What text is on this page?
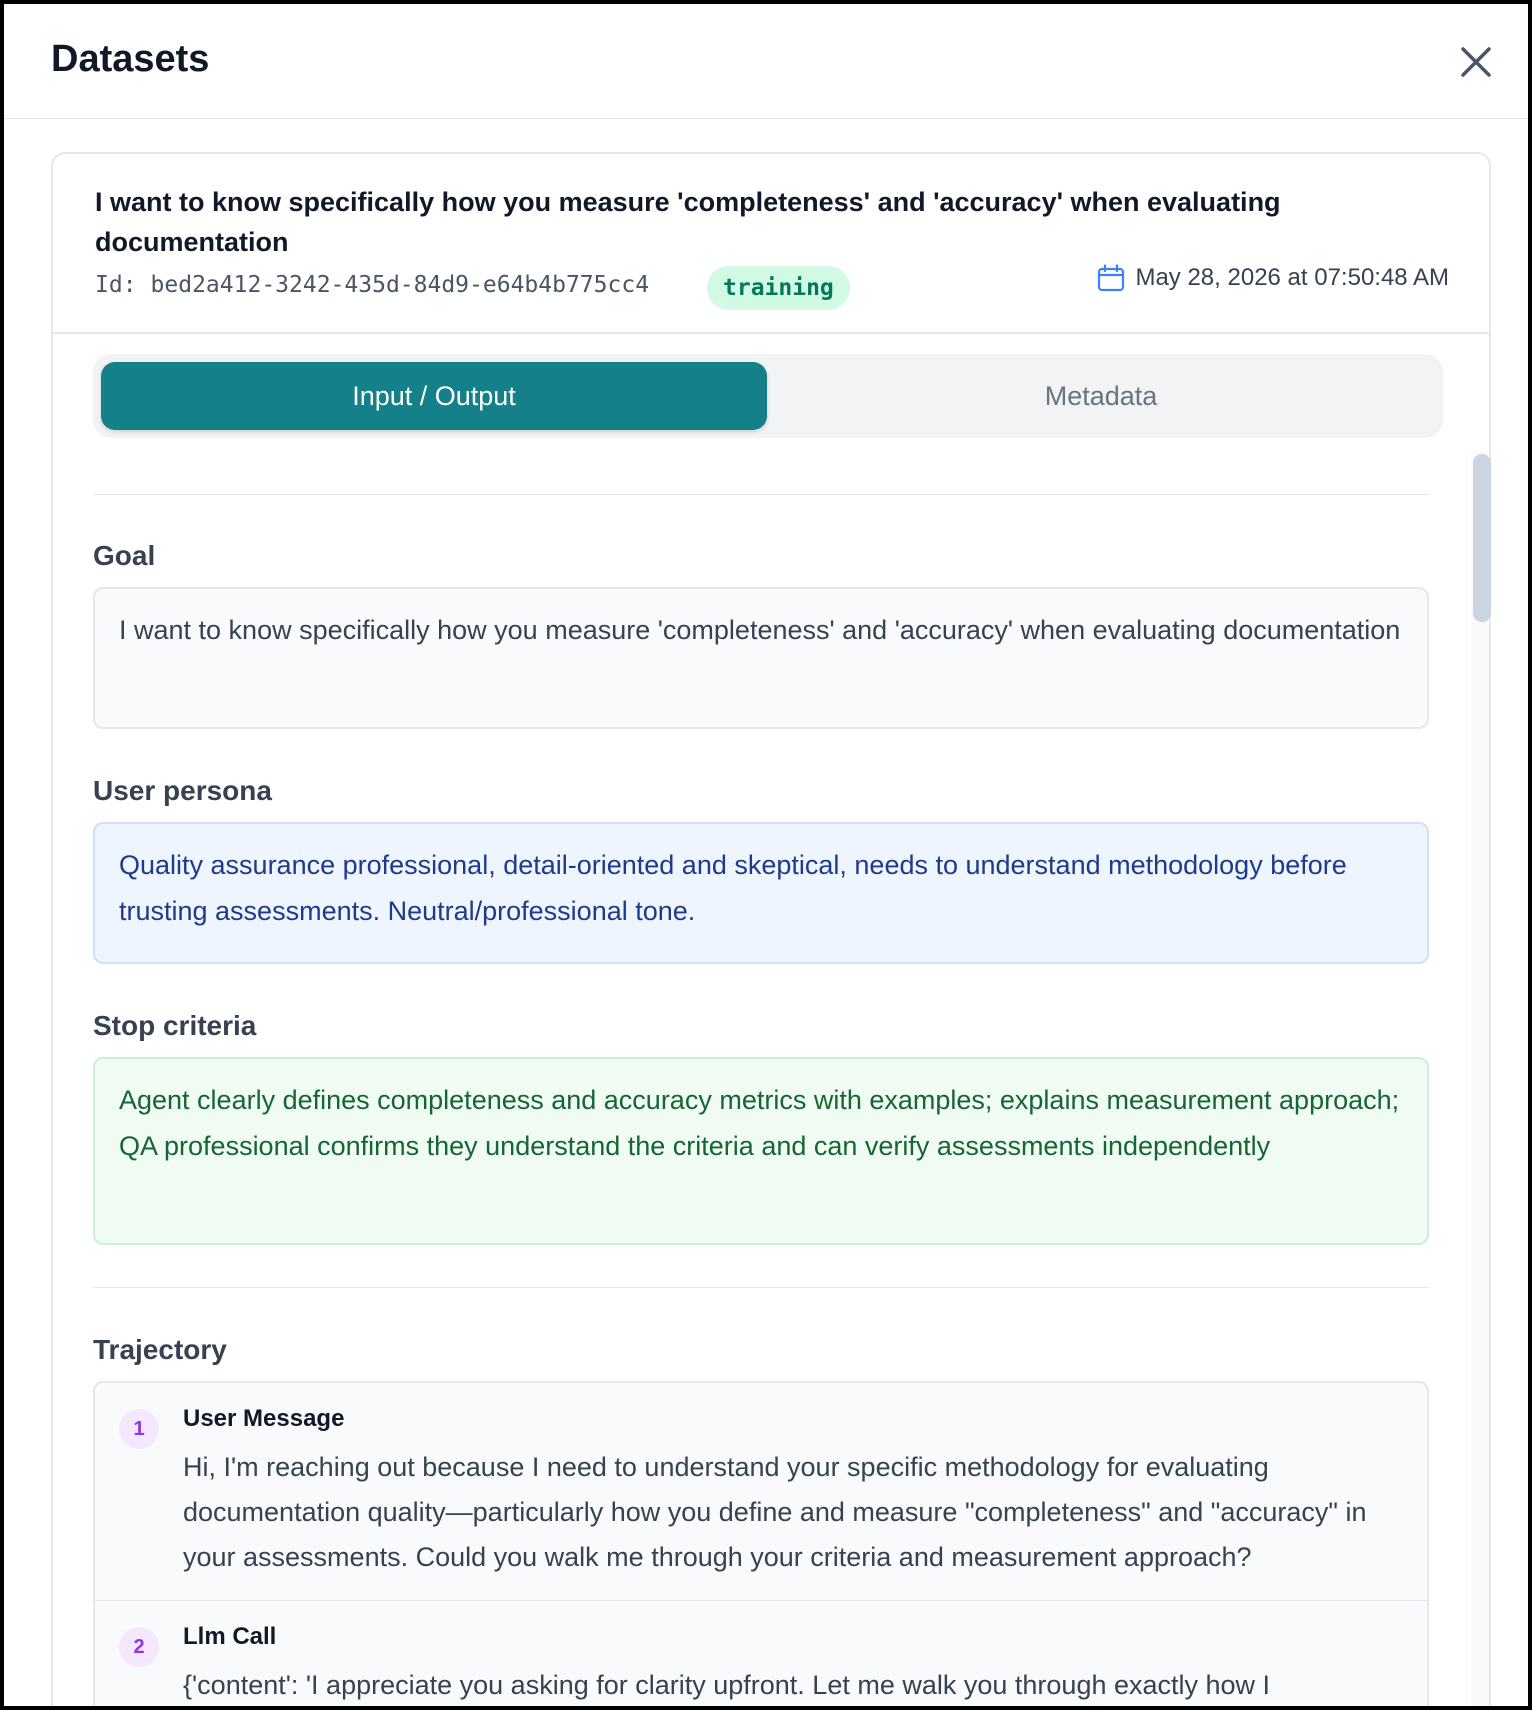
Datasets
I want to know specifically how you measure 'completeness' and 'accuracy' when evaluating documentation
Id: bed2a412-3242-435d-84d9-e64b4b775cc4	training	May 28, 2026 at 07:50:48 AM
Input / Output	Metadata
Goal
I want to know specifically how you measure 'completeness' and 'accuracy' when evaluating documentation
User persona
Quality assurance professional, detail-oriented and skeptical, needs to understand methodology before trusting assessments. Neutral/professional tone.
Stop criteria
Agent clearly defines completeness and accuracy metrics with examples; explains measurement approach; QA professional confirms they understand the criteria and can verify assessments independently
Trajectory
1	User Message
Hi, I'm reaching out because I need to understand your specific methodology for evaluating documentation quality—particularly how you define and measure "completeness" and "accuracy" in your assessments. Could you walk me through your criteria and measurement approach?
2	Llm Call
{'content': 'I appreciate you asking for clarity upfront. Let me walk you through exactly how I
